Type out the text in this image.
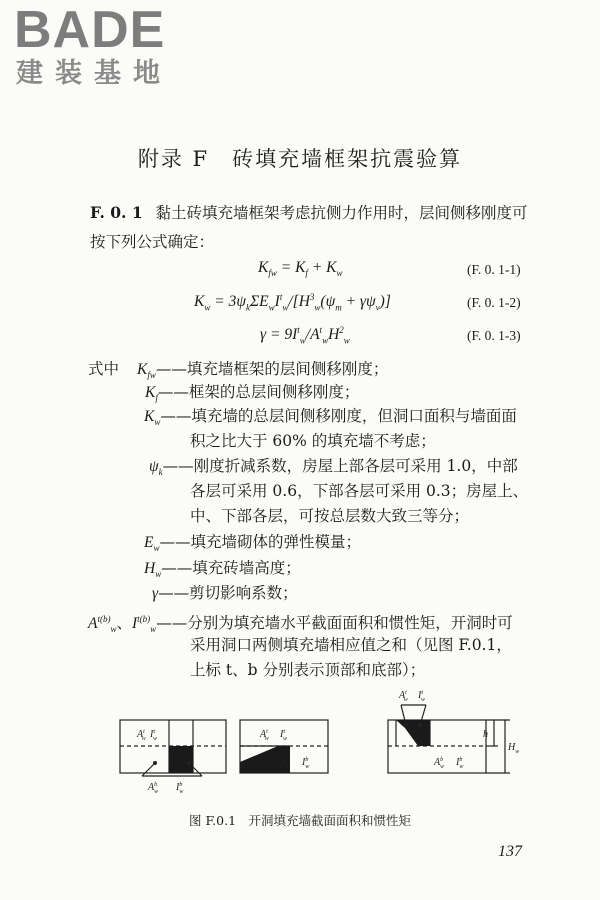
BADE
建装基地
附录 F　砖填充墙框架抗震验算
F. 0. 1 黏土砖填充墙框架考虑抗侧力作用时，层间侧移刚度可
按下列公式确定：
$K_{fw} = K_f + K_w$	(F. 0. 1-1)
$K_w = 3\psi_k\Sigma E_wI^t_w/[H^3_w(\psi_m + \gamma\psi_v)]$	(F. 0. 1-2)
$\gamma = 9I^t_w/A^t_wH^2_w$	(F. 0. 1-3)
式中 $K_{fw}——$填充墙框架的层间侧移刚度；
$K_f——$框架的总层间侧移刚度；
$K_w——$填充墙的总层间侧移刚度，但洞口面积与墙面面
积之比大于 60% 的填充墙不考虑；
$\psi_k——$刚度折减系数，房屋上部各层可采用 1.0，中部
各层可采用 0.6，下部各层可采用 0.3；房屋上、
中、下部各层，可按总层数大致三等分；
$E_w——$填充墙砌体的弹性模量；
$H_w——$填充砖墙高度；
γ——剪切影响系数；
$A^{t(b)}_w$、$I^{t(b)}_w——$分别为填充墙水平截面面积和惯性矩，开洞时可
采用洞口两侧填充墙相应值之和（见图 F.0.1，
上标 t、b 分别表示顶部和底部）；
$A^t$ w $I^t$ w
$A^b$ w $I^b$ w
$A^t$ w $I^t$ w
$A^b$ w $I^b$ w
$A^t$ w $I^t$ w
$A^b$ w $I^b$ w
h
$H_w$
图 F.0.1　开洞填充墙截面面积和惯性矩
137
